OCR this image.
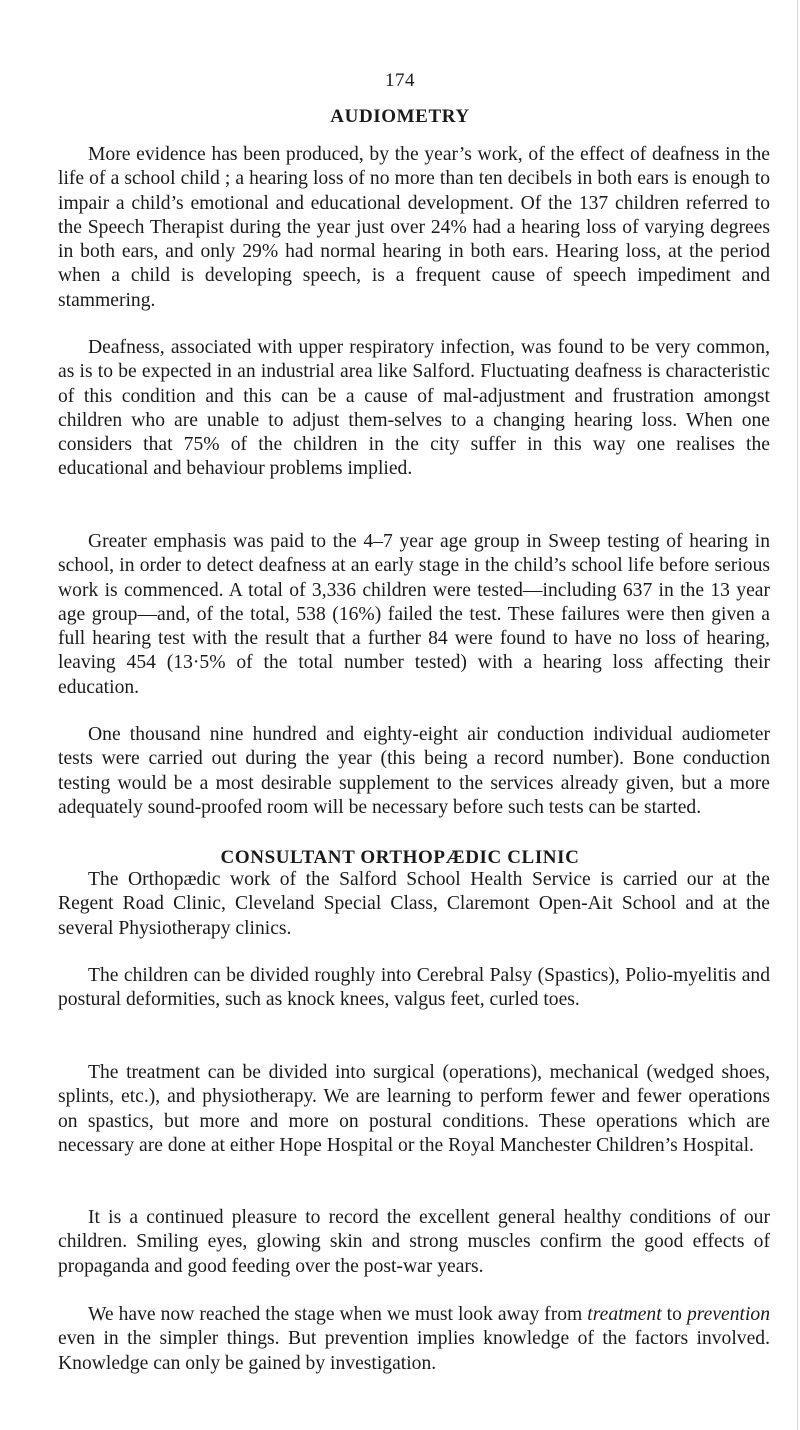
174
AUDIOMETRY

More evidence has been produced, by the year’s work, of the effect of deafness in the life of a school child ; a hearing loss of no more than ten decibels in both ears is enough to impair a child’s emotional and educational development. Of the 137 children referred to the Speech Therapist during the year just over 24% had a hearing loss of varying degrees in both ears, and only 29% had normal hearing in both ears. Hearing loss, at the period when a child is developing speech, is a frequent cause of speech impediment and stammering.

Deafness, associated with upper respiratory infection, was found to be very common, as is to be expected in an industrial area like Salford. Fluctuating deafness is characteristic of this condition and this can be a cause of mal-adjustment and frustration amongst children who are unable to adjust them-selves to a changing hearing loss. When one considers that 75% of the children in the city suffer in this way one realises the educational and behaviour problems implied.

Greater emphasis was paid to the 4–7 year age group in Sweep testing of hearing in school, in order to detect deafness at an early stage in the child’s school life before serious work is commenced. A total of 3,336 children were tested—including 637 in the 13 year age group—and, of the total, 538 (16%) failed the test. These failures were then given a full hearing test with the result that a further 84 were found to have no loss of hearing, leaving 454 (13·5% of the total number tested) with a hearing loss affecting their education.

One thousand nine hundred and eighty-eight air conduction individual audiometer tests were carried out during the year (this being a record number). Bone conduction testing would be a most desirable supplement to the services already given, but a more adequately sound-proofed room will be necessary before such tests can be started.

CONSULTANT ORTHOPÆDIC CLINIC

The Orthopædic work of the Salford School Health Service is carried our at the Regent Road Clinic, Cleveland Special Class, Claremont Open-Ait School and at the several Physiotherapy clinics.

The children can be divided roughly into Cerebral Palsy (Spastics), Polio-myelitis and postural deformities, such as knock knees, valgus feet, curled toes.

The treatment can be divided into surgical (operations), mechanical (wedged shoes, splints, etc.), and physiotherapy. We are learning to perform fewer and fewer operations on spastics, but more and more on postural conditions. These operations which are necessary are done at either Hope Hospital or the Royal Manchester Children’s Hospital.

It is a continued pleasure to record the excellent general healthy conditions of our children. Smiling eyes, glowing skin and strong muscles confirm the good effects of propaganda and good feeding over the post-war years.

We have now reached the stage when we must look away from treatment to prevention even in the simpler things. But prevention implies knowledge of the factors involved. Knowledge can only be gained by investigation.
